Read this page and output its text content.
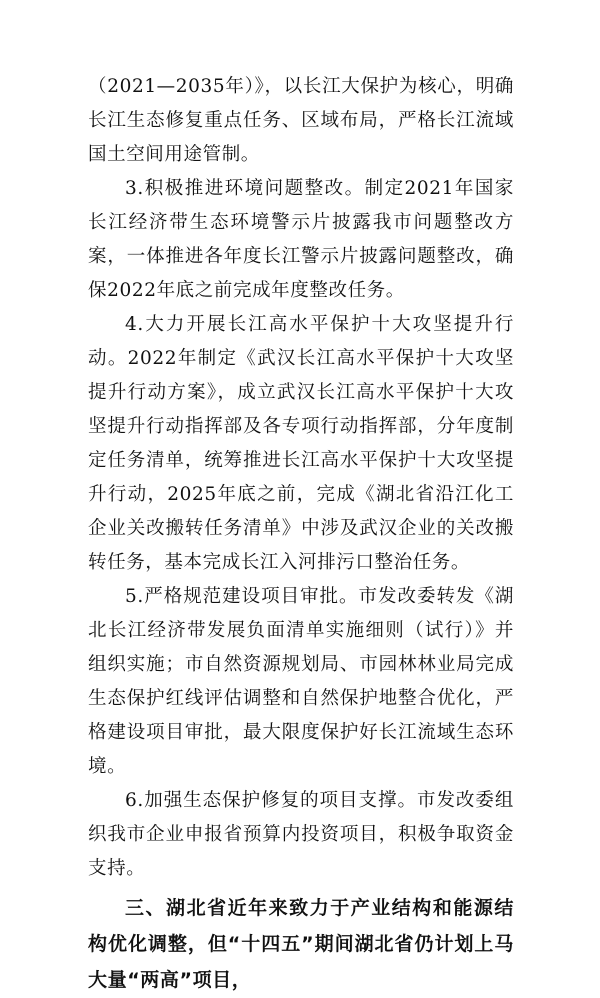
（2021—2035年）》，以长江大保护为核心，明确长江生态修复重点任务、区域布局，严格长江流域国土空间用途管制。

3.积极推进环境问题整改。制定2021年国家长江经济带生态环境警示片披露我市问题整改方案，一体推进各年度长江警示片披露问题整改，确保2022年底之前完成年度整改任务。

4.大力开展长江高水平保护十大攻坚提升行动。2022年制定《武汉长江高水平保护十大攻坚提升行动方案》，成立武汉长江高水平保护十大攻坚提升行动指挥部及各专项行动指挥部，分年度制定任务清单，统筹推进长江高水平保护十大攻坚提升行动，2025年底之前，完成《湖北省沿江化工企业关改搬转任务清单》中涉及武汉企业的关改搬转任务，基本完成长江入河排污口整治任务。

5.严格规范建设项目审批。市发改委转发《湖北长江经济带发展负面清单实施细则（试行）》并组织实施；市自然资源规划局、市园林林业局完成生态保护红线评估调整和自然保护地整合优化，严格建设项目审批，最大限度保护好长江流域生态环境。

6.加强生态保护修复的项目支撑。市发改委组织我市企业申报省预算内投资项目，积极争取资金支持。

三、湖北省近年来致力于产业结构和能源结构优化调整，但“十四五”期间湖北省仍计划上马大量“两高”项目，
